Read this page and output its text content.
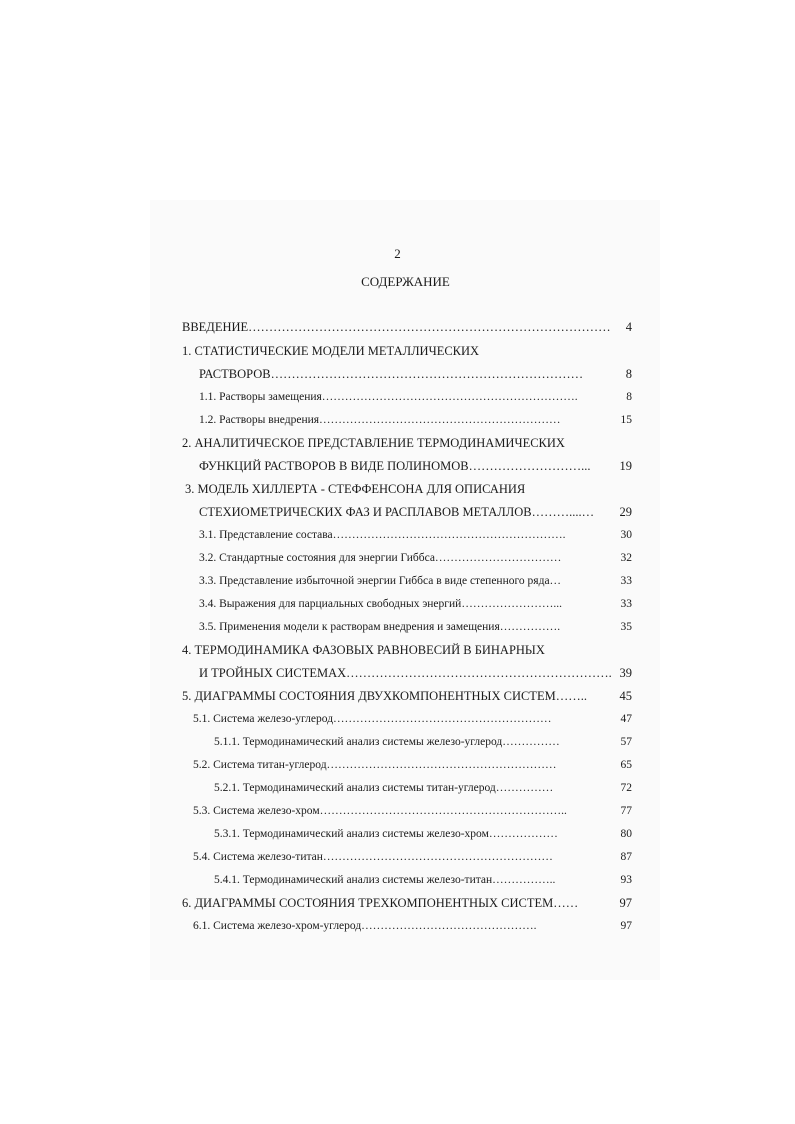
2
СОДЕРЖАНИЕ
ВВЕДЕНИЕ…………………………………………………………………………… 4
1. СТАТИСТИЧЕСКИЕ МОДЕЛИ МЕТАЛЛИЧЕСКИХ
РАСТВОРОВ…………………………………………………………………	8
1.1. Растворы замещения………………………………………………………….	8
1.2. Растворы внедрения………………………………………………………	15
2. АНАЛИТИЧЕСКОЕ ПРЕДСТАВЛЕНИЕ ТЕРМОДИНАМИЧЕСКИХ
ФУНКЦИЙ РАСТВОРОВ В ВИДЕ ПОЛИНОМОВ………………………... 19
3. МОДЕЛЬ ХИЛЛЕРТА - СТЕФФЕНСОНА ДЛЯ ОПИСАНИЯ
СТЕХИОМЕТРИЧЕСКИХ ФАЗ И РАСПЛАВОВ МЕТАЛЛОВ………....… 29
3.1. Представление состава…………………………………………………….	30
3.2. Стандартные состояния для энергии Гиббса……………………………	32
3.3. Представление избыточной энергии Гиббса в виде степенного ряда…	33
3.4. Выражения для парциальных свободных энергий……………………...	33
3.5. Применения модели к растворам внедрения и замещения…………….	35
4. ТЕРМОДИНАМИКА ФАЗОВЫХ РАВНОВЕСИЙ В БИНАРНЫХ
И ТРОЙНЫХ СИСТЕМАХ………………………………………………………. 39
5. ДИАГРАММЫ СОСТОЯНИЯ ДВУХКОМПОНЕНТНЫХ СИСТЕМ……..	45
5.1. Система железо-углерод…………………………………………………	47
5.1.1. Термодинамический анализ системы железо-углерод……………	57
5.2. Система титан-углерод……………………………………………………	65
5.2.1. Термодинамический анализ системы титан-углерод……………	72
5.3. Система железо-хром………………………………………………………..	77
5.3.1. Термодинамический анализ системы железо-хром………………	80
5.4. Система железо-титан……………………………………………………	87
5.4.1. Термодинамический анализ системы железо-титан……………..	93
6. ДИАГРАММЫ СОСТОЯНИЯ ТРЕХКОМПОНЕНТНЫХ СИСТЕМ……	97
6.1. Система железо-хром-углерод……………………………………….	97
